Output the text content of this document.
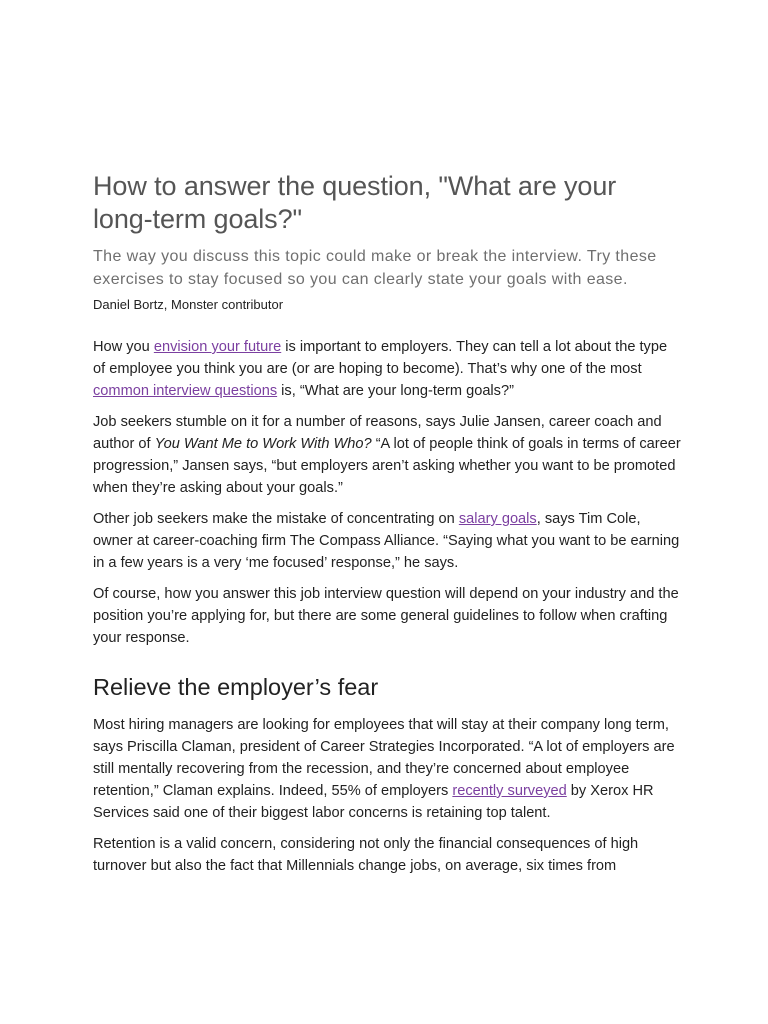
How to answer the question, "What are your long-term goals?"

The way you discuss this topic could make or break the interview. Try these exercises to stay focused so you can clearly state your goals with ease.

Daniel Bortz, Monster contributor

How you envision your future is important to employers. They can tell a lot about the type of employee you think you are (or are hoping to become). That’s why one of the most common interview questions is, “What are your long-term goals?”

Job seekers stumble on it for a number of reasons, says Julie Jansen, career coach and author of You Want Me to Work With Who? “A lot of people think of goals in terms of career progression,” Jansen says, “but employers aren’t asking whether you want to be promoted when they’re asking about your goals.”

Other job seekers make the mistake of concentrating on salary goals, says Tim Cole, owner at career-coaching firm The Compass Alliance. “Saying what you want to be earning in a few years is a very ‘me focused’ response,” he says.

Of course, how you answer this job interview question will depend on your industry and the position you’re applying for, but there are some general guidelines to follow when crafting your response.

Relieve the employer’s fear

Most hiring managers are looking for employees that will stay at their company long term, says Priscilla Claman, president of Career Strategies Incorporated. “A lot of employers are still mentally recovering from the recession, and they’re concerned about employee retention,” Claman explains. Indeed, 55% of employers recently surveyed by Xerox HR Services said one of their biggest labor concerns is retaining top talent.

Retention is a valid concern, considering not only the financial consequences of high turnover but also the fact that Millennials change jobs, on average, six times from
